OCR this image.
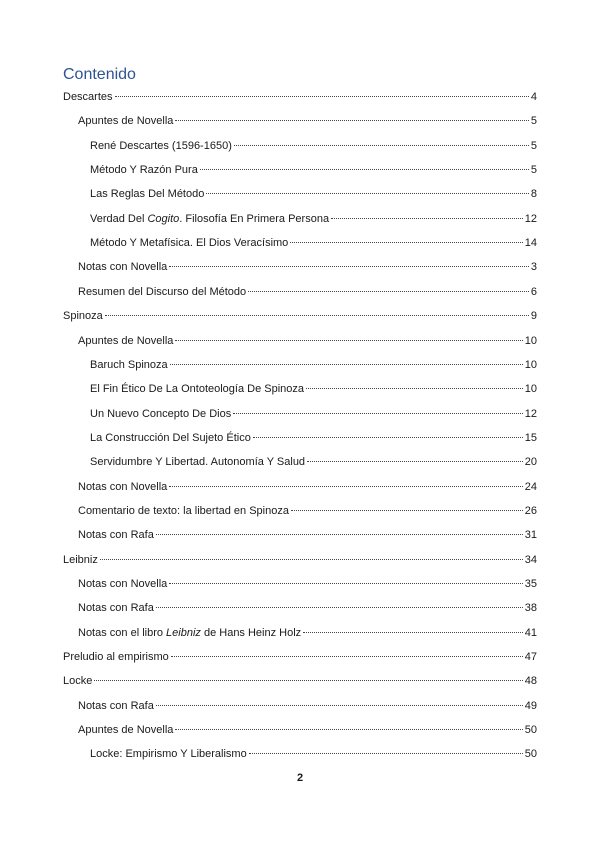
Contenido
Descartes	4
Apuntes de Novella	5
René Descartes (1596-1650)	5
Método Y Razón Pura	5
Las Reglas Del Método	8
Verdad Del Cogito. Filosofía En Primera Persona	12
Método Y Metafísica. El Dios Veracísimo	14
Notas con Novella	3
Resumen del Discurso del Método	6
Spinoza	9
Apuntes de Novella	10
Baruch Spinoza	10
El Fin Ético De La Ontoteología De Spinoza	10
Un Nuevo Concepto De Dios	12
La Construcción Del Sujeto Ético	15
Servidumbre Y Libertad. Autonomía Y Salud	20
Notas con Novella	24
Comentario de texto: la libertad en Spinoza	26
Notas con Rafa	31
Leibniz	34
Notas con Novella	35
Notas con Rafa	38
Notas con el libro Leibniz de Hans Heinz Holz	41
Preludio al empirismo	47
Locke	48
Notas con Rafa	49
Apuntes de Novella	50
Locke: Empirismo Y Liberalismo	50
2
